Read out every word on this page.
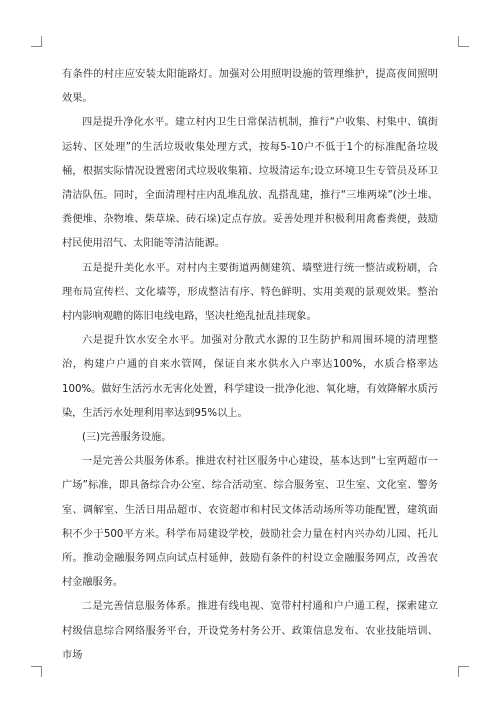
有条件的村庄应安装太阳能路灯。加强对公用照明设施的管理维护，提高夜间照明效果。

四是提升净化水平。建立村内卫生日常保洁机制，推行“户收集、村集中、镇街运转、区处理”的生活垃圾收集处理方式，按每5-10户不低于1个的标准配备垃圾桶，根据实际情况设置密闭式垃圾收集箱、垃圾清运车;设立环境卫生专管员及环卫清洁队伍。同时，全面清理村庄内乱堆乱放、乱搭乱建，推行“三堆两垛”(沙土堆、粪便堆、杂物堆、柴草垛、砖石垛)定点存放。妥善处理并积极利用禽畜粪便，鼓励村民使用沼气、太阳能等清洁能源。

五是提升美化水平。对村内主要街道两侧建筑、墙壁进行统一整洁或粉刷，合理布局宣传栏、文化墙等，形成整洁有序、特色鲜明、实用美观的景观效果。整治村内影响观瞻的陈旧电线电路，坚决杜绝乱扯乱挂现象。

六是提升饮水安全水平。加强对分散式水源的卫生防护和周围环境的清理整治，构建户户通的自来水管网，保证自来水供水入户率达100%，水质合格率达100%。做好生活污水无害化处置，科学建设一批净化池、氧化塘，有效降解水质污染，生活污水处理利用率达到95%以上。

(三)完善服务设施。

一是完善公共服务体系。推进农村社区服务中心建设，基本达到“七室两超市一广场”标准，即具备综合办公室、综合活动室、综合服务室、卫生室、文化室、警务室、调解室、生活日用品超市、农资超市和村民文体活动场所等功能配置，建筑面积不少于500平方米。科学布局建设学校，鼓励社会力量在村内兴办幼儿园、托儿所。推动金融服务网点向试点村延伸，鼓励有条件的村设立金融服务网点，改善农村金融服务。

二是完善信息服务体系。推进有线电视、宽带村村通和户户通工程，探索建立村级信息综合网络服务平台，开设党务村务公开、政策信息发布、农业技能培训、市场
